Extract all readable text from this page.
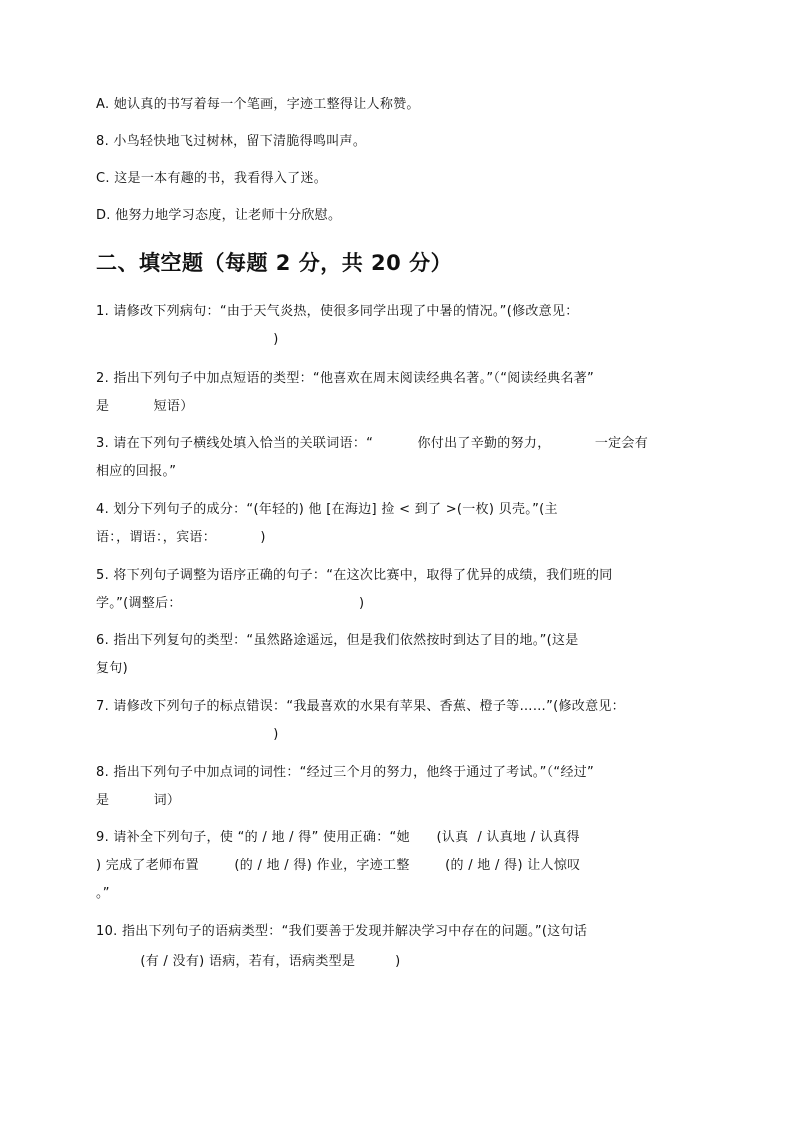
A. 她认真的书写着每一个笔画，字迹工整得让人称赞。
8. 小鸟轻快地飞过树林，留下清脆得鸣叫声。
C. 这是一本有趣的书，我看得入了迷。
D. 他努力地学习态度，让老师十分欣慰。
二、填空题（每题 2 分，共 20 分）
1. 请修改下列病句：“由于天气炎热，使很多同学出现了中暑的情况。”(修改意见：
)
2. 指出下列句子中加点短语的类型：“他喜欢在周末阅读经典名著。”（“阅读经典名著”
是          短语）
3. 请在下列句子横线处填入恰当的关联词语：“          你付出了辛勤的努力，          一定会有
相应的回报。”
4. 划分下列句子的成分：“(年轻的) 他 [在海边] 捡 < 到了 >(一枚) 贝壳。”(主
语：，谓语：，宾语：          )
5. 将下列句子调整为语序正确的句子：“在这次比赛中，取得了优异的成绩，我们班的同
学。”(调整后：                                        )
6. 指出下列复句的类型：“虽然路途遥远，但是我们依然按时到达了目的地。”(这是
复句)
7. 请修改下列句子的标点错误：“我最喜欢的水果有苹果、香蕉、橙子等……”(修改意见：
)
8. 指出下列句子中加点词的词性：“经过三个月的努力，他终于通过了考试。”（“经过”
是          词）
9. 请补全下列句子，使 “的 / 地 / 得” 使用正确：“她      (认真  / 认真地 / 认真得
) 完成了老师布置        (的 / 地 / 得) 作业，字迹工整        (的 / 地 / 得) 让人惊叹
。”
10. 指出下列句子的语病类型：“我们要善于发现并解决学习中存在的问题。”(这句话
(有 / 没有) 语病，若有，语病类型是         )
